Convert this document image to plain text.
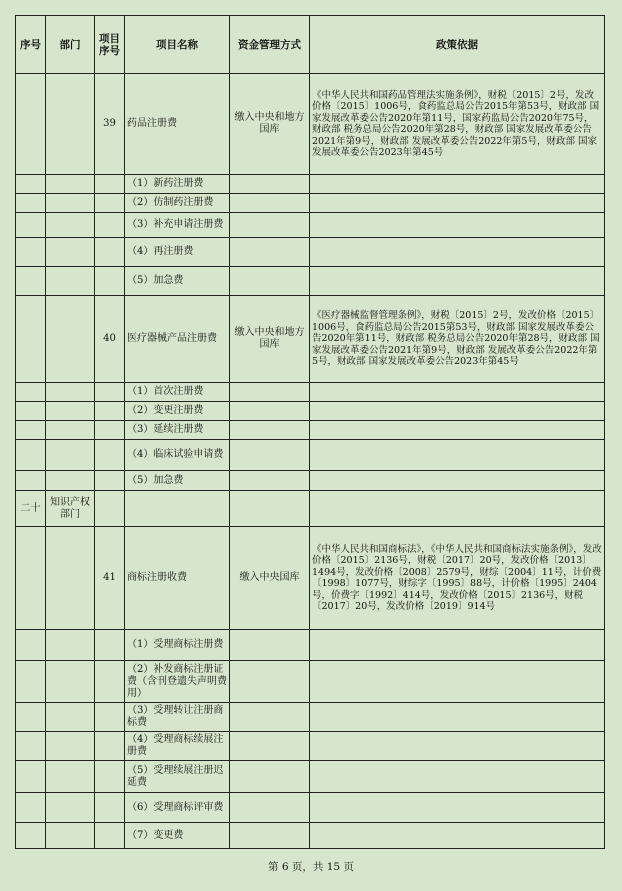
序号	部门	项目序号	项目名称	资金管理方式	政策依据
		39	药品注册费	缴入中央和地方国库	《中华人民共和国药品管理法实施条例》，财税〔2015〕2号，发改价格〔2015〕1006号，食药监总局公告2015年第53号，财政部 国家发展改革委公告2020年第11号，国家药监局公告2020年75号，财政部 税务总局公告2020年第28号，财政部 国家发展改革委公告2021年第9号，财政部 发展改革委公告2022年第5号，财政部 国家发展改革委公告2023年第45号
			（1）新药注册费		
			（2）仿制药注册费		
			（3）补充申请注册费		
			（4）再注册费		
			（5）加急费		
		40	医疗器械产品注册费	缴入中央和地方国库	《医疗器械监督管理条例》，财税〔2015〕2号，发改价格〔2015〕1006号，食药监总局公告2015第53号，财政部 国家发展改革委公告2020年第11号，财政部 税务总局公告2020年第28号，财政部 国家发展改革委公告2021年第9号，财政部 发展改革委公告2022年第5号，财政部 国家发展改革委公告2023年第45号
			（1）首次注册费		
			（2）变更注册费		
			（3）延续注册费		
			（4）临床试验申请费		
			（5）加急费		
二十	知识产权部门				
		41	商标注册收费	缴入中央国库	《中华人民共和国商标法》，《中华人民共和国商标法实施条例》，发改价格〔2015〕2136号，财税〔2017〕20号，发改价格〔2013〕1494号，发改价格〔2008〕2579号，财综〔2004〕11号，计价费〔1998〕1077号，财综字〔1995〕88号，计价格〔1995〕2404号，价费字〔1992〕414号，发改价格〔2015〕2136号，财税〔2017〕20号，发改价格〔2019〕914号
			（1）受理商标注册费		
			（2）补发商标注册证费（含刊登遗失声明费用）		
			（3）受理转让注册商标费		
			（4）受理商标续展注册费		
			（5）受理续展注册迟延费		
			（6）受理商标评审费		
			（7）变更费		
第 6 页，共 15 页
